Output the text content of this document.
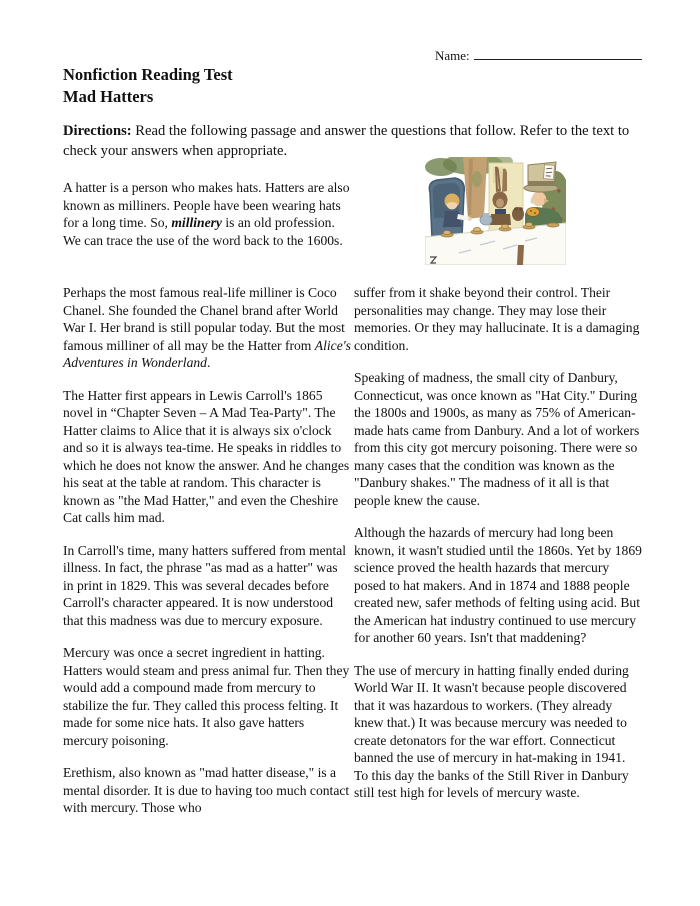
Name:
Nonfiction Reading Test
Mad Hatters
Directions: Read the following passage and answer the questions that follow. Refer to the text to check your answers when appropriate.
A hatter is a person who makes hats. Hatters are also known as milliners. People have been wearing hats for a long time. So, millinery is an old profession. We can trace the use of the word back to the 1600s.

Perhaps the most famous real-life milliner is Coco Chanel. She founded the Chanel brand after World War I. Her brand is still popular today. But the most famous milliner of all may be the Hatter from Alice's Adventures in Wonderland.

The Hatter first appears in Lewis Carroll's 1865 novel in “Chapter Seven – A Mad Tea-Party". The Hatter claims to Alice that it is always six o'clock and so it is always tea-time. He speaks in riddles to which he does not know the answer. And he changes his seat at the table at random. This character is known as "the Mad Hatter," and even the Cheshire Cat calls him mad.

In Carroll's time, many hatters suffered from mental illness. In fact, the phrase "as mad as a hatter" was in print in 1829. This was several decades before Carroll's character appeared. It is now understood that this madness was due to mercury exposure.

Mercury was once a secret ingredient in hatting. Hatters would steam and press animal fur. Then they would add a compound made from mercury to stabilize the fur. They called this process felting. It made for some nice hats. It also gave hatters mercury poisoning.

Erethism, also known as "mad hatter disease," is a mental disorder. It is due to having too much contact with mercury. Those who

suffer from it shake beyond their control. Their personalities may change. They may lose their memories. Or they may hallucinate. It is a damaging condition.

Speaking of madness, the small city of Danbury, Connecticut, was once known as "Hat City." During the 1800s and 1900s, as many as 75% of American-made hats came from Danbury. And a lot of workers from this city got mercury poisoning. There were so many cases that the condition was known as the "Danbury shakes." The madness of it all is that people knew the cause.

Although the hazards of mercury had long been known, it wasn't studied until the 1860s. Yet by 1869 science proved the health hazards that mercury posed to hat makers. And in 1874 and 1888 people created new, safer methods of felting using acid. But the American hat industry continued to use mercury for another 60 years. Isn't that maddening?

The use of mercury in hatting finally ended during World War II. It wasn't because people discovered that it was hazardous to workers. (They already knew that.) It was because mercury was needed to create detonators for the war effort. Connecticut banned the use of mercury in hat-making in 1941. To this day the banks of the Still River in Danbury still test high for levels of mercury waste.
